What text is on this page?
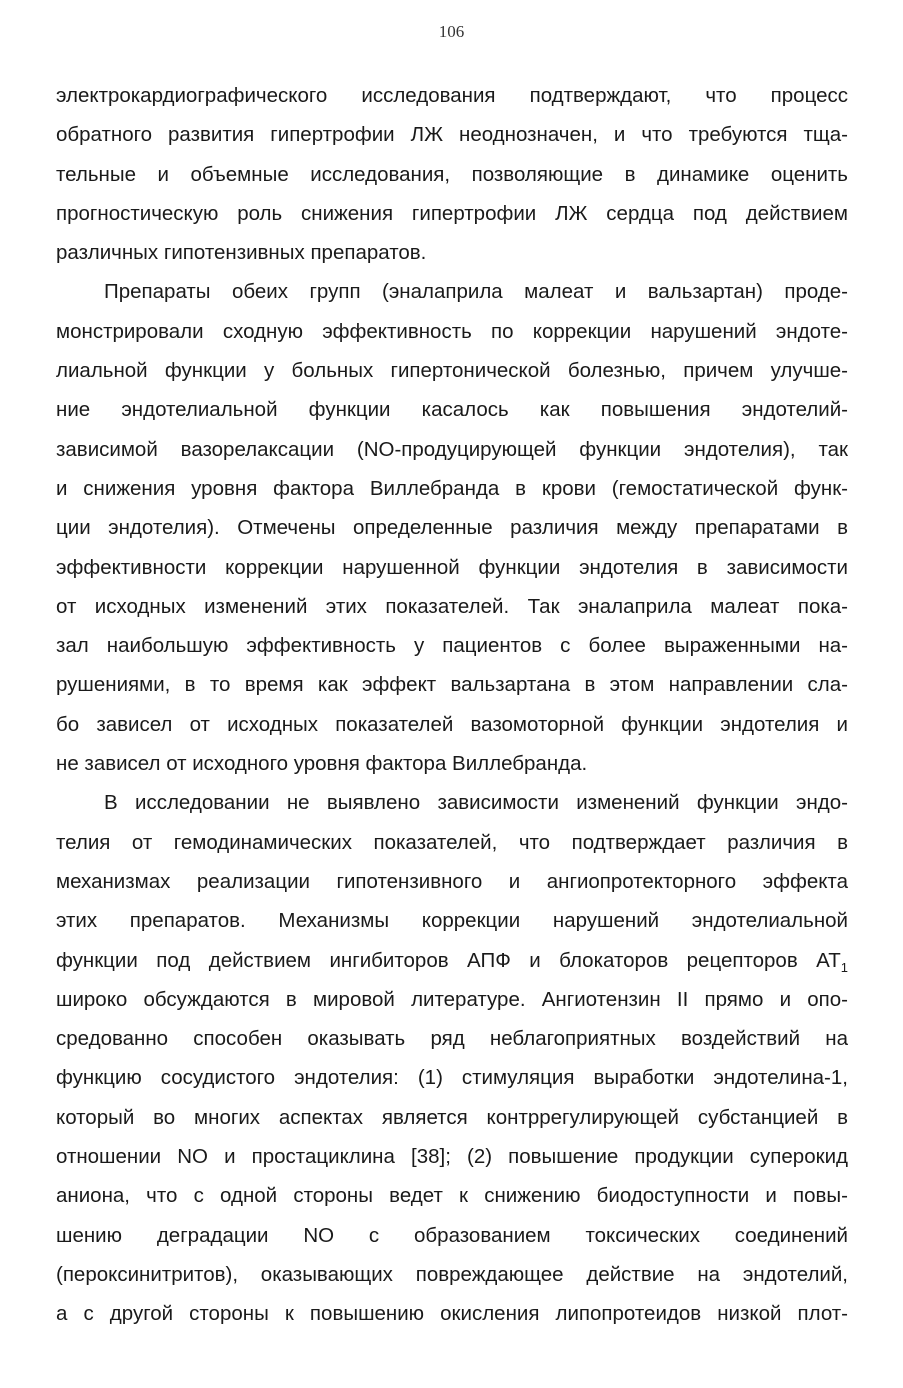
106
электрокардиографического исследования подтверждают, что процесс
обратного развития гипертрофии ЛЖ неоднозначен, и что требуются тща-
тельные и объемные исследования, позволяющие в динамике оценить
прогностическую роль снижения гипертрофии ЛЖ сердца под действием
различных гипотензивных препаратов.
Препараты обеих групп (эналаприла малеат и вальзартан) проде-
монстрировали сходную эффективность по коррекции нарушений эндоте-
лиальной функции у больных гипертонической болезнью, причем улучше-
ние эндотелиальной функции касалось как повышения эндотелий-
зависимой вазорелаксации (NO-продуцирующей функции эндотелия), так
и снижения уровня фактора Виллебранда в крови (гемостатической функ-
ции эндотелия). Отмечены определенные различия между препаратами в
эффективности коррекции нарушенной функции эндотелия в зависимости
от исходных изменений этих показателей. Так эналаприла малеат пока-
зал наибольшую эффективность у пациентов с более выраженными на-
рушениями, в то время как эффект вальзартана в этом направлении сла-
бо зависел от исходных показателей вазомоторной функции эндотелия и
не зависел от исходного уровня фактора Виллебранда.
В исследовании не выявлено зависимости изменений функции эндо-
телия от гемодинамических показателей, что подтверждает различия в
механизмах реализации гипотензивного и ангиопротекторного эффекта
этих препаратов. Механизмы коррекции нарушений эндотелиальной
функции под действием ингибиторов АПФ и блокаторов рецепторов $АТ_1$
широко обсуждаются в мировой литературе. Ангиотензин II прямо и опо-
средованно способен оказывать ряд неблагоприятных воздействий на
функцию сосудистого эндотелия: (1) стимуляция выработки эндотелина-1,
который во многих аспектах является контррегулирующей субстанцией в
отношении NO и простациклина [38]; (2) повышение продукции суперокид
аниона, что с одной стороны ведет к снижению биодоступности и повы-
шению деградации NO с образованием токсических соединений
(пероксинитритов), оказывающих повреждающее действие на эндотелий,
а с другой стороны к повышению окисления липопротеидов низкой плот-
